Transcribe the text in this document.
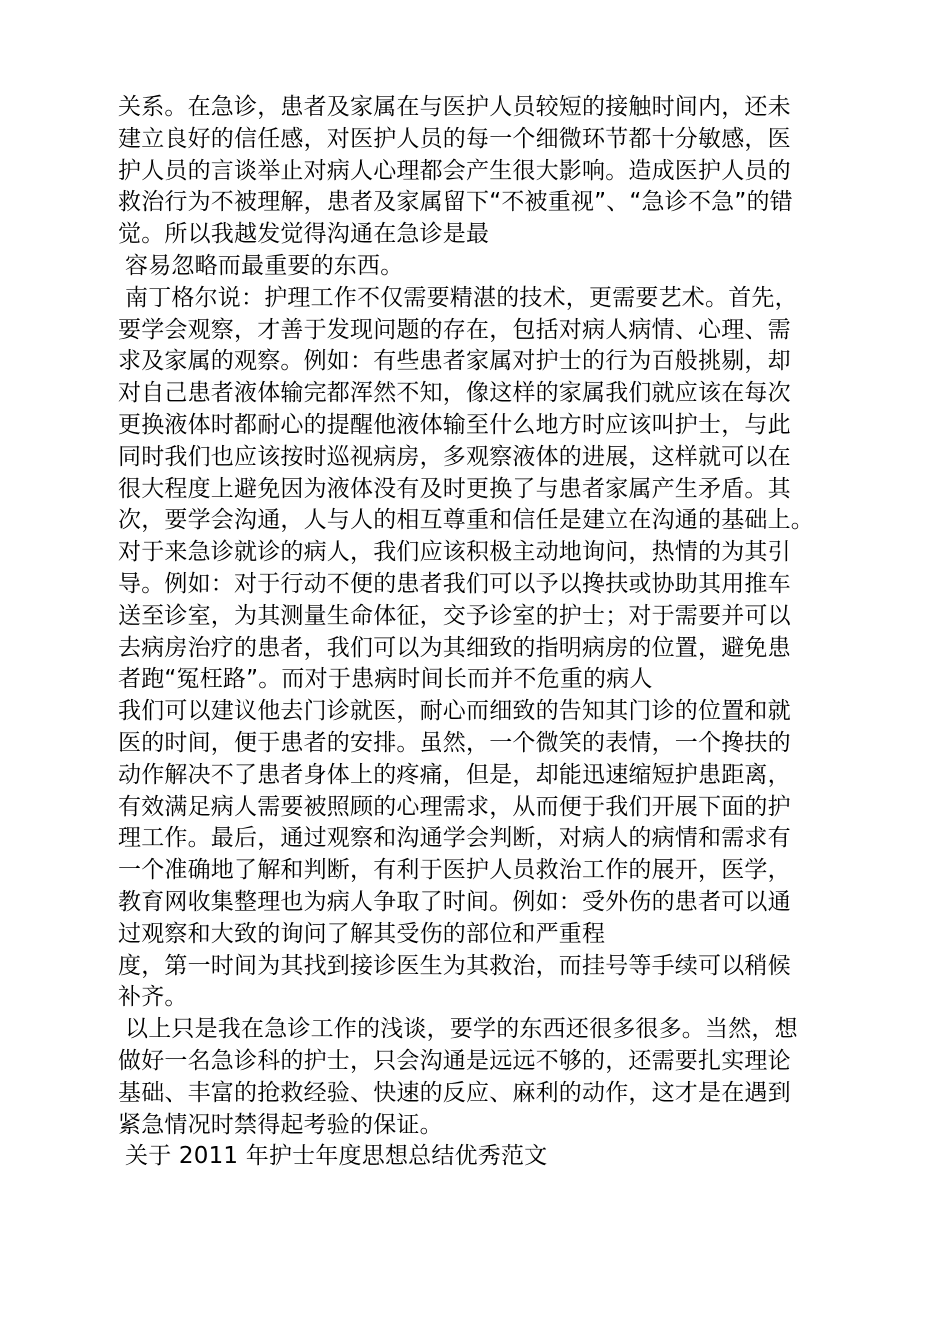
关系。在急诊，患者及家属在与医护人员较短的接触时间内，还未
建立良好的信任感，对医护人员的每一个细微环节都十分敏感，医
护人员的言谈举止对病人心理都会产生很大影响。造成医护人员的
救治行为不被理解，患者及家属留下“不被重视”、“急诊不急”的错
觉。所以我越发觉得沟通在急诊是最
容易忽略而最重要的东西。
南丁格尔说：护理工作不仅需要精湛的技术，更需要艺术。首先，
要学会观察，才善于发现问题的存在，包括对病人病情、心理、需
求及家属的观察。例如：有些患者家属对护士的行为百般挑剔，却
对自己患者液体输完都浑然不知，像这样的家属我们就应该在每次
更换液体时都耐心的提醒他液体输至什么地方时应该叫护士，与此
同时我们也应该按时巡视病房，多观察液体的进展，这样就可以在
很大程度上避免因为液体没有及时更换了与患者家属产生矛盾。其
次，要学会沟通，人与人的相互尊重和信任是建立在沟通的基础上。
对于来急诊就诊的病人，我们应该积极主动地询问，热情的为其引
导。例如：对于行动不便的患者我们可以予以搀扶或协助其用推车
送至诊室，为其测量生命体征，交予诊室的护士；对于需要并可以
去病房治疗的患者，我们可以为其细致的指明病房的位置，避免患
者跑“冤枉路”。而对于患病时间长而并不危重的病人
我们可以建议他去门诊就医，耐心而细致的告知其门诊的位置和就
医的时间，便于患者的安排。虽然，一个微笑的表情，一个搀扶的
动作解决不了患者身体上的疼痛，但是，却能迅速缩短护患距离，
有效满足病人需要被照顾的心理需求，从而便于我们开展下面的护
理工作。最后，通过观察和沟通学会判断，对病人的病情和需求有
一个准确地了解和判断，有利于医护人员救治工作的展开，医学，
教育网收集整理也为病人争取了时间。例如：受外伤的患者可以通
过观察和大致的询问了解其受伤的部位和严重程
度，第一时间为其找到接诊医生为其救治，而挂号等手续可以稍候
补齐。
以上只是我在急诊工作的浅谈，要学的东西还很多很多。当然，想
做好一名急诊科的护士，只会沟通是远远不够的，还需要扎实理论
基础、丰富的抢救经验、快速的反应、麻利的动作，这才是在遇到
紧急情况时禁得起考验的保证。
关于 2011 年护士年度思想总结优秀范文
